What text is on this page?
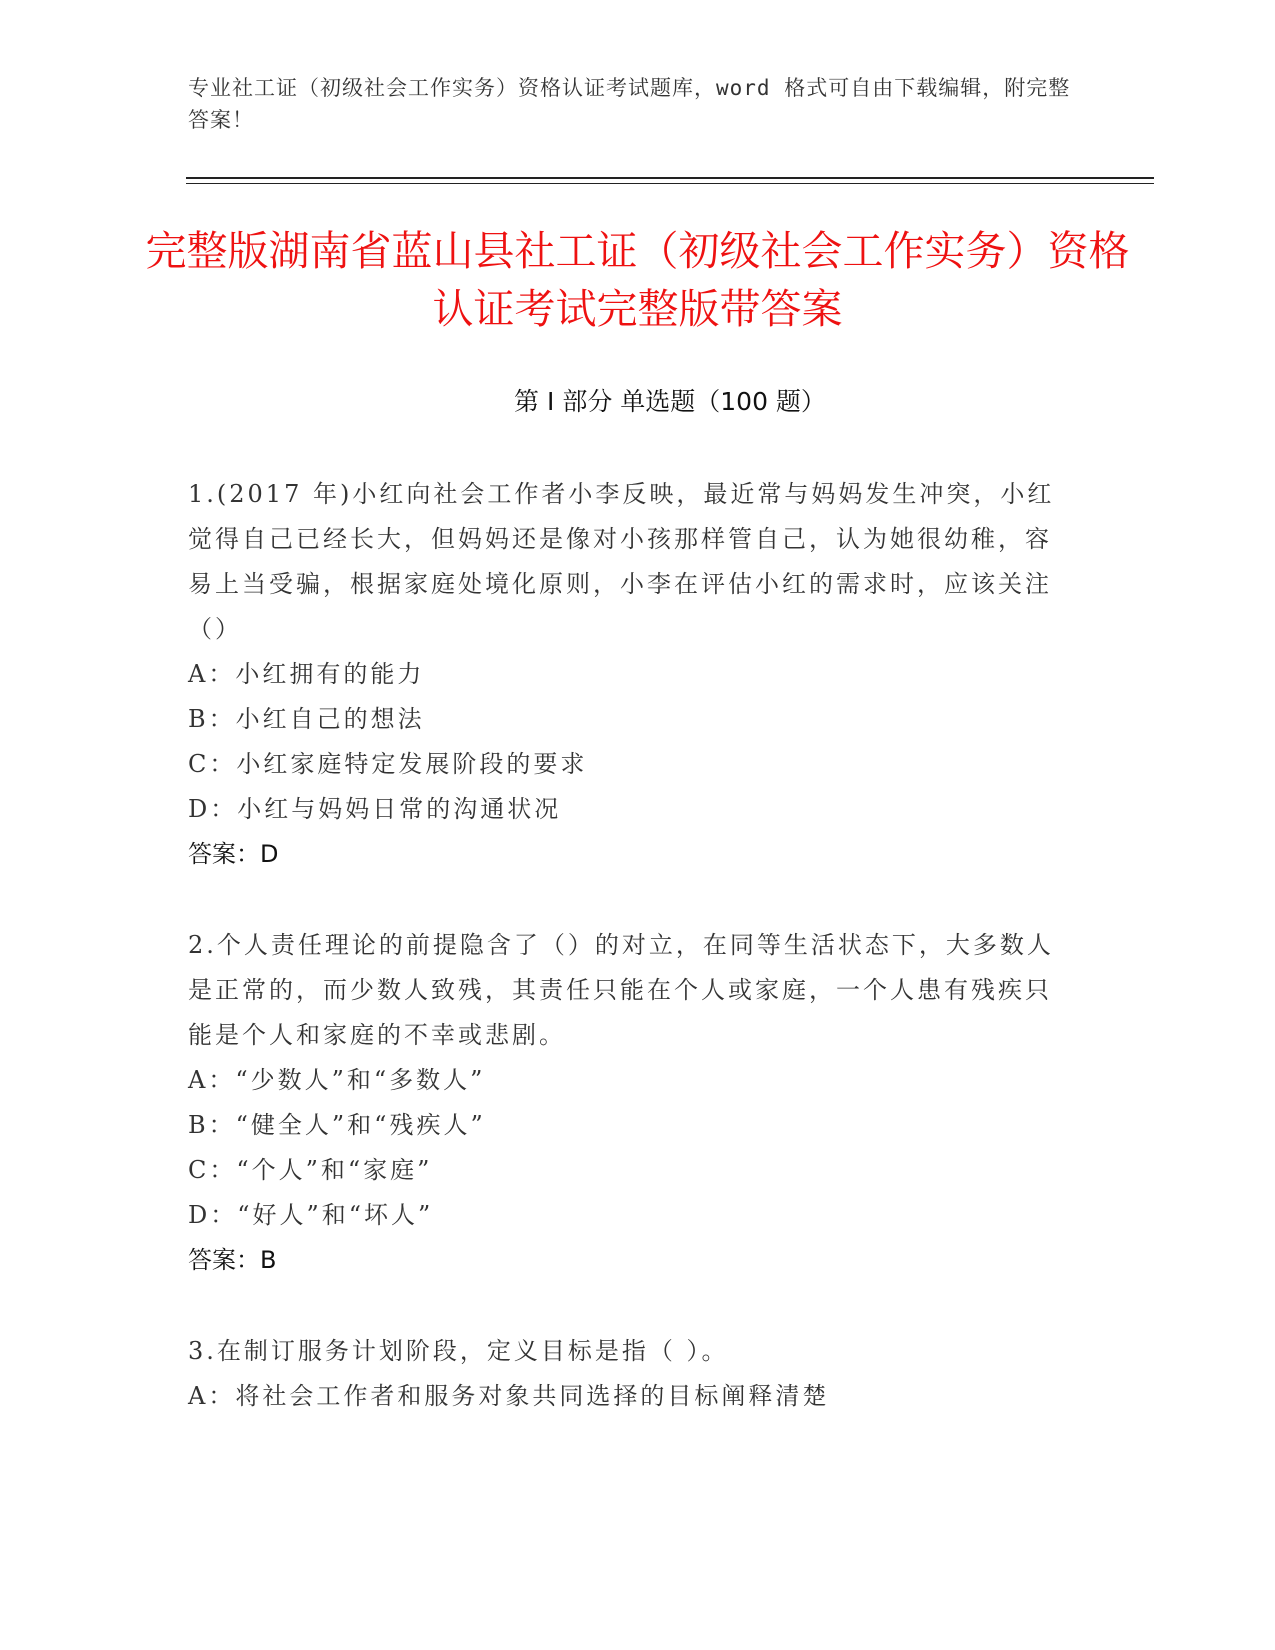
专业社工证（初级社会工作实务）资格认证考试题库，word 格式可自由下载编辑，附完整答案！
完整版湖南省蓝山县社工证（初级社会工作实务）资格认证考试完整版带答案
第 I 部分 单选题（100 题）
1.(2017 年)小红向社会工作者小李反映，最近常与妈妈发生冲突，小红觉得自己已经长大，但妈妈还是像对小孩那样管自己，认为她很幼稚，容易上当受骗，根据家庭处境化原则，小李在评估小红的需求时，应该关注（）
A：小红拥有的能力
B：小红自己的想法
C：小红家庭特定发展阶段的要求
D：小红与妈妈日常的沟通状况
答案：D
2.个人责任理论的前提隐含了（）的对立，在同等生活状态下，大多数人是正常的，而少数人致残，其责任只能在个人或家庭，一个人患有残疾只能是个人和家庭的不幸或悲剧。
A：“少数人”和“多数人”
B：“健全人”和“残疾人”
C：“个人”和“家庭”
D：“好人”和“坏人”
答案：B
3.在制订服务计划阶段，定义目标是指（ ）。
A：将社会工作者和服务对象共同选择的目标阐释清楚
